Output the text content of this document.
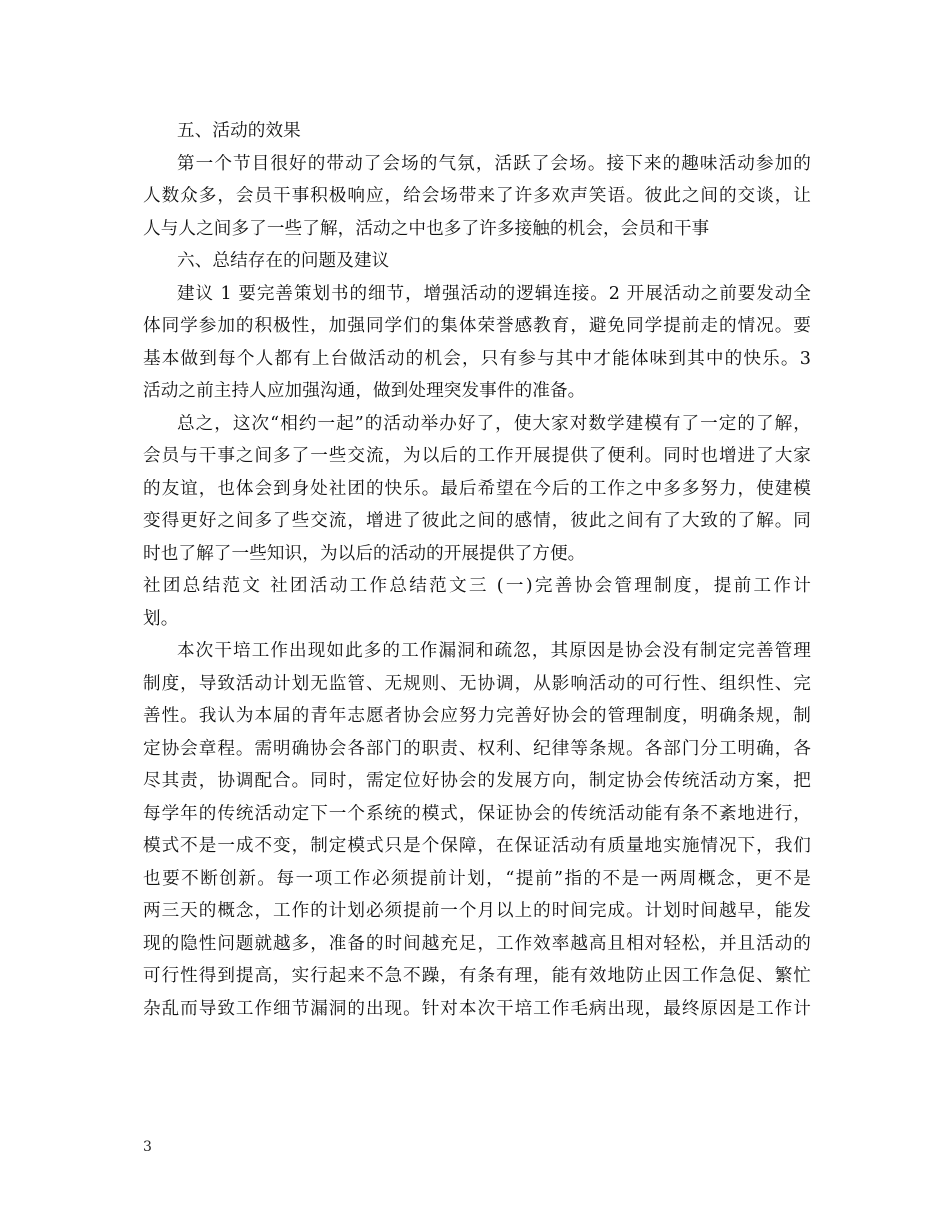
五、活动的效果
第一个节目很好的带动了会场的气氛，活跃了会场。接下来的趣味活动参加的
人数众多，会员干事积极响应，给会场带来了许多欢声笑语。彼此之间的交谈，让
人与人之间多了一些了解，活动之中也多了许多接触的机会，会员和干事
六、总结存在的问题及建议
建议 1 要完善策划书的细节，增强活动的逻辑连接。2 开展活动之前要发动全
体同学参加的积极性，加强同学们的集体荣誉感教育，避免同学提前走的情况。要
基本做到每个人都有上台做活动的机会，只有参与其中才能体味到其中的快乐。3
活动之前主持人应加强沟通，做到处理突发事件的准备。
总之，这次“相约一起”的活动举办好了，使大家对数学建模有了一定的了解，
会员与干事之间多了一些交流，为以后的工作开展提供了便利。同时也增进了大家
的友谊，也体会到身处社团的快乐。最后希望在今后的工作之中多多努力，使建模
变得更好之间多了些交流，增进了彼此之间的感情，彼此之间有了大致的了解。同
时也了解了一些知识，为以后的活动的开展提供了方便。
社团总结范文 社团活动工作总结范文三 (一)完善协会管理制度，提前工作计
划。
本次干培工作出现如此多的工作漏洞和疏忽，其原因是协会没有制定完善管理
制度，导致活动计划无监管、无规则、无协调，从影响活动的可行性、组织性、完
善性。我认为本届的青年志愿者协会应努力完善好协会的管理制度，明确条规，制
定协会章程。需明确协会各部门的职责、权利、纪律等条规。各部门分工明确，各
尽其责，协调配合。同时，需定位好协会的发展方向，制定协会传统活动方案，把
每学年的传统活动定下一个系统的模式，保证协会的传统活动能有条不紊地进行，
模式不是一成不变，制定模式只是个保障，在保证活动有质量地实施情况下，我们
也要不断创新。每一项工作必须提前计划，“提前”指的不是一两周概念，更不是
两三天的概念，工作的计划必须提前一个月以上的时间完成。计划时间越早，能发
现的隐性问题就越多，准备的时间越充足，工作效率越高且相对轻松，并且活动的
可行性得到提高，实行起来不急不躁，有条有理，能有效地防止因工作急促、繁忙
杂乱而导致工作细节漏洞的出现。针对本次干培工作毛病出现，最终原因是工作计
3
